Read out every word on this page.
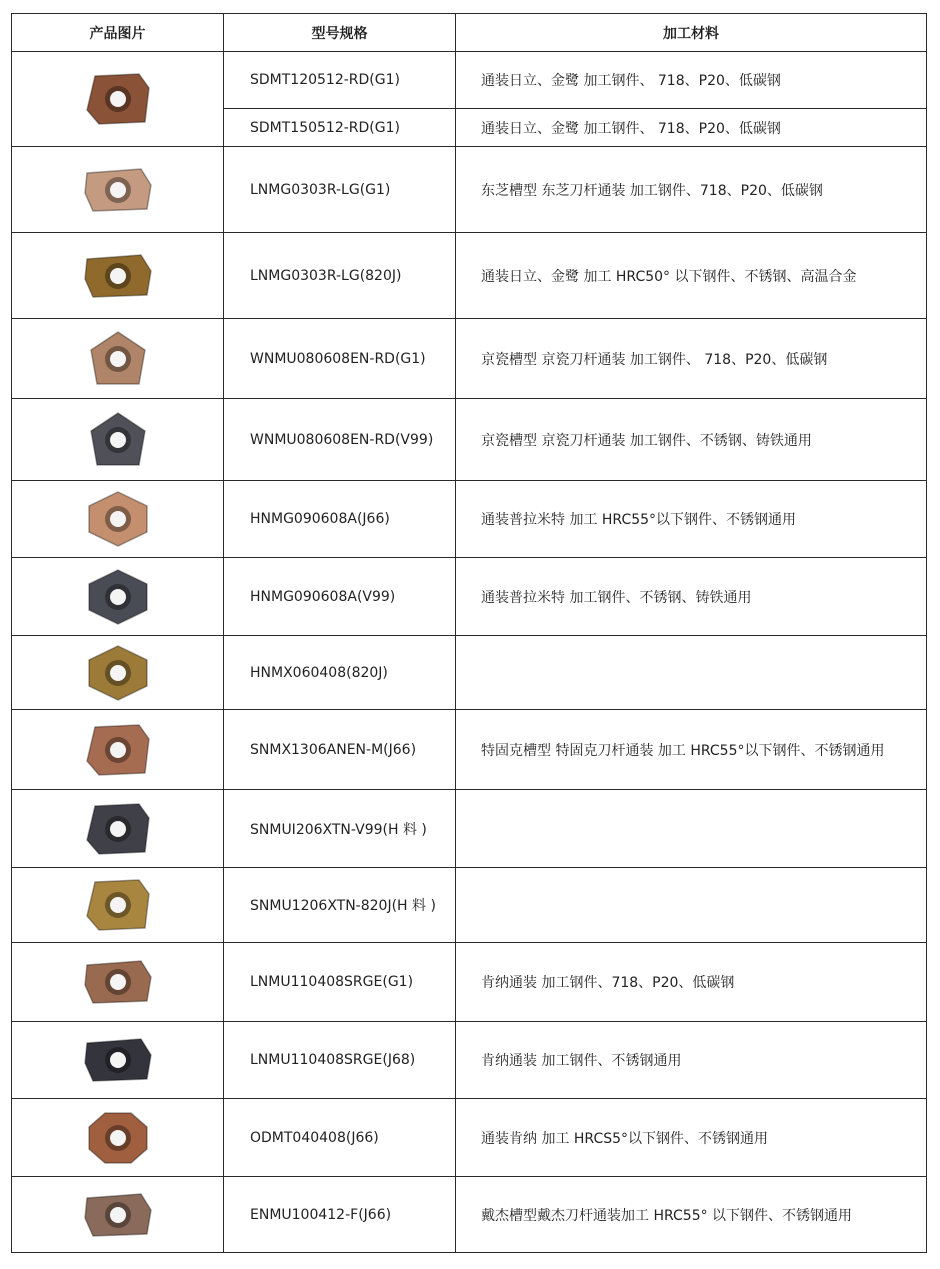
产品图片	型号规格	加工材料

	SDMT120512-RD(G1)	通装日立、金鹭 加工钢件、 718、P20、低碳钢
	SDMT150512-RD(G1)	通装日立、金鹭 加工钢件、 718、P20、低碳钢

	LNMG0303R-LG(G1)	东芝槽型 东芝刀杆通装 加工钢件、718、P20、低碳钢

	LNMG0303R-LG(820J)	通装日立、金鹭 加工 HRC50° 以下钢件、不锈钢、高温合金

	WNMU080608EN-RD(G1)	京瓷槽型 京瓷刀杆通装 加工钢件、 718、P20、低碳钢

	WNMU080608EN-RD(V99)	京瓷槽型 京瓷刀杆通装 加工钢件、不锈钢、铸铁通用

	HNMG090608A(J66)	通装普拉米特 加工 HRC55°以下钢件、不锈钢通用

	HNMG090608A(V99)	通装普拉米特 加工钢件、不锈钢、铸铁通用

	HNMX060408(820J)	

	SNMX1306ANEN-M(J66)	特固克槽型 特固克刀杆通装 加工 HRC55°以下钢件、不锈钢通用

	SNMUI206XTN-V99(H 料 )	

	SNMU1206XTN-820J(H 料 )	

	LNMU110408SRGE(G1)	肯纳通装 加工钢件、718、P20、低碳钢

	LNMU110408SRGE(J68)	肯纳通装 加工钢件、不锈钢通用

	ODMT040408(J66)	通装肯纳 加工 HRCS5°以下钢件、不锈钢通用

	ENMU100412-F(J66)	戴杰槽型戴杰刀杆通装加工 HRC55° 以下钢件、不锈钢通用
